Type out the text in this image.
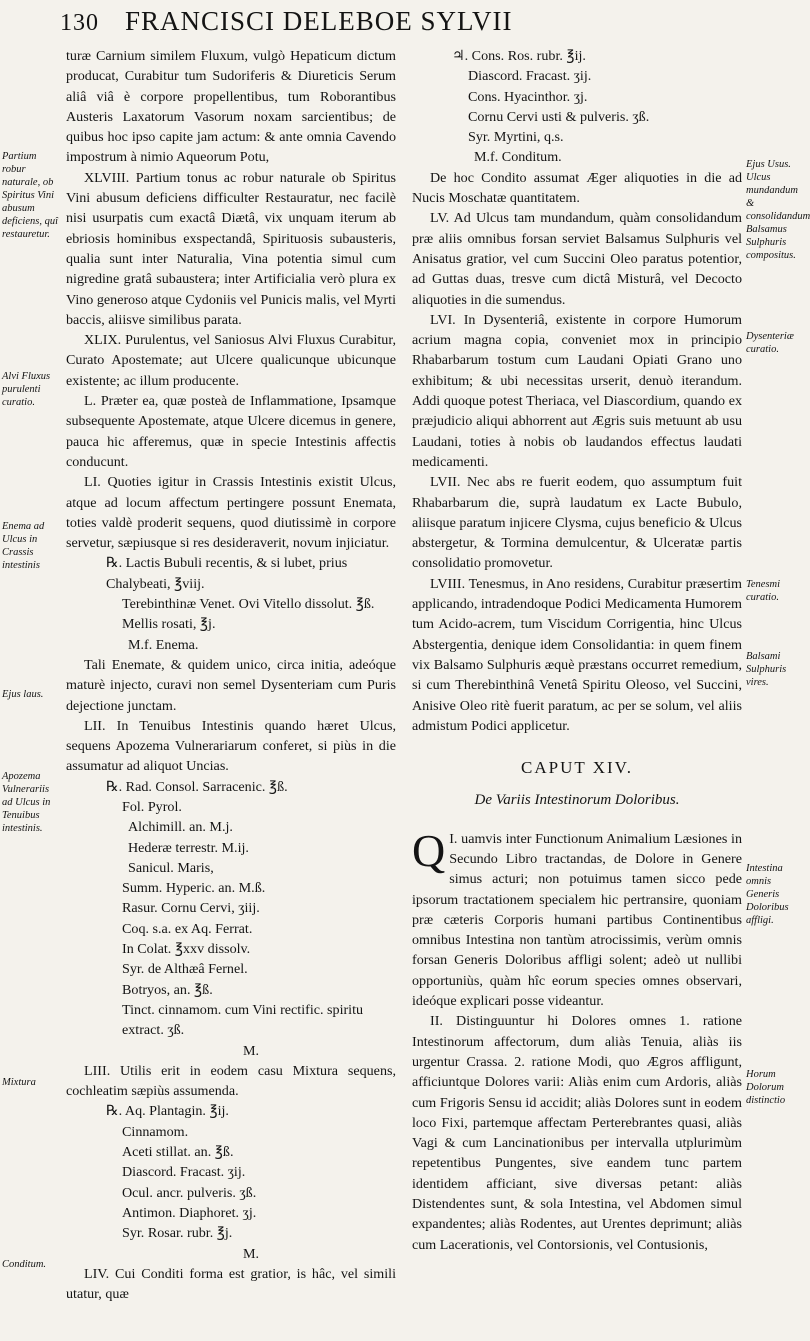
130 FRANCISCI DELEBOE SYLVII

turæ Carnium similem Fluxum, vulgò Hepaticum dictum producat, Curabitur tum Sudoriferis & Diureticis Serum aliâ viâ è corpore propellentibus, tum Roborantibus Austeris Laxatorum Vasorum noxam sarcientibus; de quibus hoc ipso capite jam actum: & ante omnia Cavendo impostrum à nimio Aqueorum Potu,

XLVIII. Partium tonus ac robur naturale ob Spiritus Vini abusum deficiens difficulter Restauratur, nec facilè nisi usurpatis cum exactâ Diætâ, vix unquam iterum ab ebriosis hominibus exspectandâ, Spirituosis subausteris, qualia sunt inter Naturalia, Vina potentia simul cum nigredine gratâ subaustera; inter Artificialia verò plura ex Vino generoso atque Cydoniis vel Punicis malis, vel Myrti baccis, aliisve similibus parata.

XLIX. Purulentus, vel Saniosus Alvi Fluxus Curabitur, Curato Apostemate; aut Ulcere qualicunque ubicunque existente; ac illum producente.

L. Præter ea, quæ posteà de Inflammatione, Ipsamque subsequente Apostemate, atque Ulcere dicemus in genere, pauca hic afferemus, quæ in specie Intestinis affectis conducunt.

LI. Quoties igitur in Crassis Intestinis existit Ulcus, atque ad locum affectum pertingere possunt Enemata, toties valdè proderit sequens, quod diutissimè in corpore servetur, sæpiusque si res desideraverit, novum injiciatur.

℞. Lactis Bubuli recentis, & si lubet, prius Chalybeati, ℥viij.

Terebinthinæ Venet. Ovi Vitello dissolut. ℥ß.

Mellis rosati, ℥j.

M.f. Enema.

Tali Enemate, & quidem unico, circa initia, adeóque maturè injecto, curavi non semel Dysenteriam cum Puris dejectione junctam.

LII. In Tenuibus Intestinis quando hæret Ulcus, sequens Apozema Vulnerariarum conferet, si piùs in die assumatur ad aliquot Uncias.

℞. Rad. Consol. Sarracenic. ℥ß.

Fol. Pyrol.

Alchimill. an. M.j.

Hederæ terrestr. M.ij.

Sanicul. Maris,

Summ. Hyperic. an. M.ß.

Rasur. Cornu Cervi, ʒiij.

Coq. s.a. ex Aq. Ferrat.

In Colat. ℥xxv dissolv.

Syr. de Althæâ Fernel.

Botryos, an. ℥ß.

Tinct. cinnamom. cum Vini rectific. spiritu extract. ʒß.

M.

LIII. Utilis erit in eodem casu Mixtura sequens, cochleatim sæpiùs assumenda.

℞. Aq. Plantagin. ℥ij.

Cinnamom.

Aceti stillat. an. ℥ß.

Diascord. Fracast. ʒij.

Ocul. ancr. pulveris. ʒß.

Antimon. Diaphoret. ʒj.

Syr. Rosar. rubr. ℥j.

M.

LIV. Cui Conditi forma est gratior, is hâc, vel simili utatur, quæ

♃. Cons. Ros. rubr. ℥ij.

Diascord. Fracast. ʒij.

Cons. Hyacinthor. ʒj.

Cornu Cervi usti & pulveris. ʒß.

Syr. Myrtini, q.s.

M.f. Conditum.

De hoc Condito assumat Æger aliquoties in die ad Nucis Moschatæ quantitatem.

LV. Ad Ulcus tam mundandum, quàm consolidandum præ aliis omnibus forsan serviet Balsamus Sulphuris vel Anisatus gratior, vel cum Succini Oleo paratus potentior, ad Guttas duas, tresve cum dictâ Misturâ, vel Decocto aliquoties in die sumendus.

LVI. In Dysenteriâ, existente in corpore Humorum acrium magna copia, conveniet mox in principio Rhabarbarum tostum cum Laudani Opiati Grano uno exhibitum; & ubi necessitas urserit, denuò iterandum. Addi quoque potest Theriaca, vel Diascordium, quando ex præjudicio aliqui abhorrent aut Ægris suis metuunt ab usu Laudani, toties à nobis ob laudandos effectus laudati medicamenti.

LVII. Nec abs re fuerit eodem, quo assumptum fuit Rhabarbarum die, suprà laudatum ex Lacte Bubulo, aliisque paratum injicere Clysma, cujus beneficio & Ulcus abstergetur, & Tormina demulcentur, & Ulceratæ partis consolidatio promovetur.

LVIII. Tenesmus, in Ano residens, Curabitur præsertim applicando, intradendoque Podici Medicamenta Humorem tum Acido-acrem, tum Viscidum Corrigentia, hinc Ulcus Abstergentia, denique idem Consolidantia: in quem finem vix Balsamo Sulphuris æquè præstans occurret remedium, si cum Therebinthinâ Venetâ Spiritu Oleoso, vel Succini, Anisive Oleo ritè fuerit paratum, ac per se solum, vel aliis admistum Podici applicetur.

CAPUT XIV.
De Variis Intestinorum Doloribus.

Q I. uamvis inter Functionum Animalium Læsiones in Secundo Libro tractandas, de Dolore in Genere simus acturi; non potuimus tamen sicco pede ipsorum tractationem specialem hic pertransire, quoniam præ cæteris Corporis humani partibus Continentibus omnibus Intestina non tantùm atrocissimis, verùm omnis forsan Generis Doloribus affligi solent; adeò ut nullibi opportuniùs, quàm hîc eorum species omnes observari, ideóque explicari posse videantur.

II. Distinguuntur hi Dolores omnes 1. ratione Intestinorum affectorum, dum aliàs Tenuia, aliàs iis urgentur Crassa. 2. ratione Modi, quo Ægros affligunt, afficiuntque Dolores varii: Aliàs enim cum Ardoris, aliàs cum Frigoris Sensu id accidit; aliàs Dolores sunt in eodem loco Fixi, partemque affectam Perterebrantes quasi, aliàs Vagi & cum Lancinationibus per intervalla utplurimùm repetentibus Pungentes, sive eandem tunc partem identidem afficiant, sive diversas petant: aliàs Distendentes sunt, & sola Intestina, vel Abdomen simul expandentes; aliàs Rodentes, aut Urentes deprimunt; aliàs cum Lacerationis, vel Contorsionis, vel Contusionis,

Partium robur naturale, ob Spiritus Vini abusum deficiens, quî restauretur.
Alvi Fluxus purulenti curatio.
Enema ad Ulcus in Crassis intestinis
Ejus laus.
Apozema Vulnerariis ad Ulcus in Tenuibus intestinis.
Mixtura
Conditum.
Ejus Usus. Ulcus mundandum & consolidandum Balsamus Sulphuris compositus.
Dysenteriæ curatio.
Tenesmi curatio.
Balsami Sulphuris vires.
Intestina omnis Generis Doloribus affligi.
Horum Dolorum distinctio
